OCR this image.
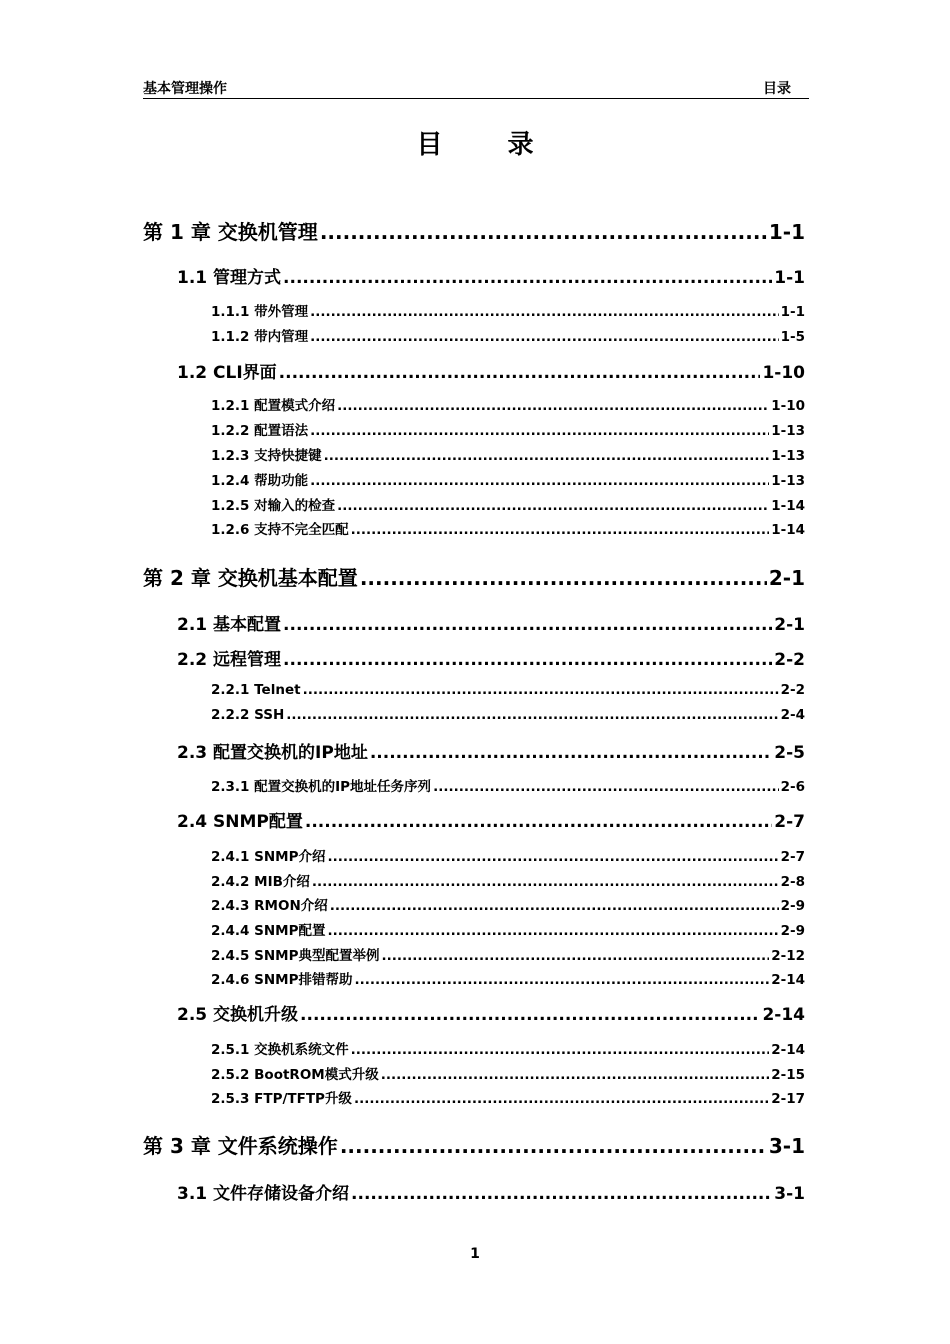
基本管理操作	目录
目 录
第 1 章 交换机管理 .....	1-1
1.1 管理方式 .....	1-1
1.1.1 带外管理 .....	1-1
1.1.2 带内管理 .....	1-5
1.2 CLI界面 .....	1-10
1.2.1 配置模式介绍 .....	1-10
1.2.2 配置语法 .....	1-13
1.2.3 支持快捷键 .....	1-13
1.2.4 帮助功能 .....	1-13
1.2.5 对输入的检查 .....	1-14
1.2.6 支持不完全匹配 .....	1-14
第 2 章 交换机基本配置 .....	2-1
2.1 基本配置 .....	2-1
2.2 远程管理 .....	2-2
2.2.1 Telnet .....	2-2
2.2.2 SSH .....	2-4
2.3 配置交换机的IP地址 .....	2-5
2.3.1 配置交换机的IP地址任务序列 .....	2-6
2.4 SNMP配置 .....	2-7
2.4.1 SNMP介绍 .....	2-7
2.4.2 MIB介绍 .....	2-8
2.4.3 RMON介绍 .....	2-9
2.4.4 SNMP配置 .....	2-9
2.4.5 SNMP典型配置举例 .....	2-12
2.4.6 SNMP排错帮助 .....	2-14
2.5 交换机升级 .....	2-14
2.5.1 交换机系统文件 .....	2-14
2.5.2 BootROM模式升级 .....	2-15
2.5.3 FTP/TFTP升级 .....	2-17
第 3 章 文件系统操作 .....	3-1
3.1 文件存储设备介绍 .....	3-1
1
